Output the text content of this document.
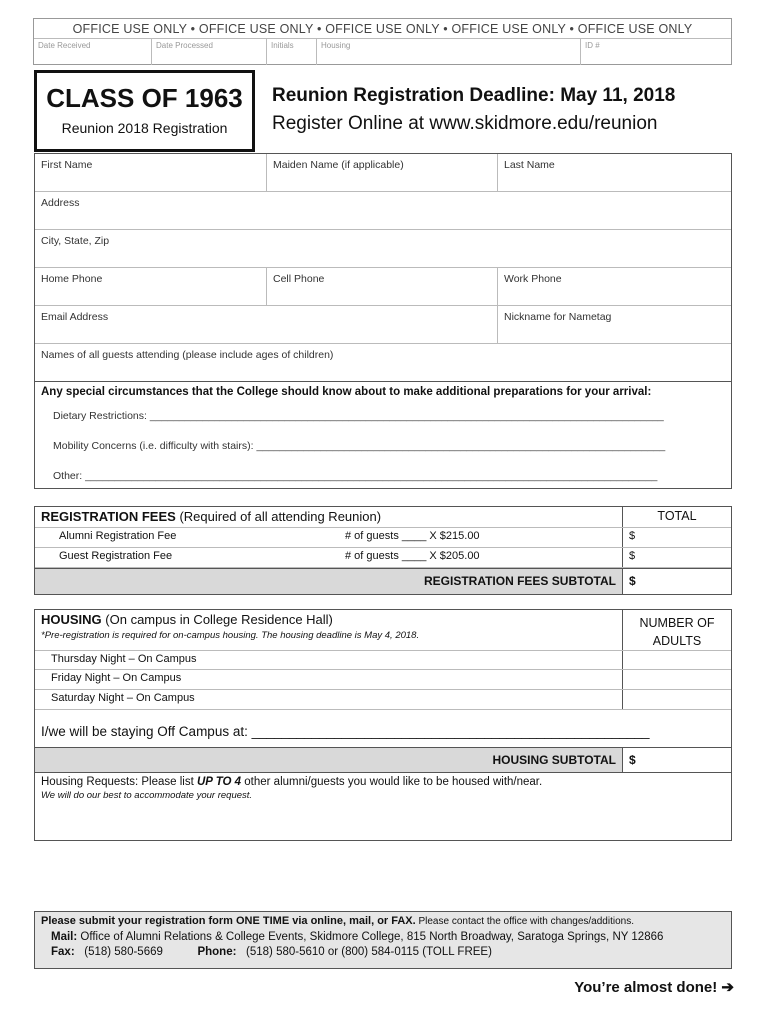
OFFICE USE ONLY • OFFICE USE ONLY • OFFICE USE ONLY • OFFICE USE ONLY • OFFICE USE ONLY
Date Received	Date Processed	Initials	Housing	ID #
CLASS OF 1963
Reunion 2018 Registration
Reunion Registration Deadline: May 11, 2018
Register Online at www.skidmore.edu/reunion
First Name	Maiden Name (if applicable)	Last Name
Address
City, State, Zip
Home Phone	Cell Phone	Work Phone
Email Address	Nickname for Nametag
Names of all guests attending (please include ages of children)
Any special circumstances that the College should know about to make additional preparations for your arrival:
Dietary Restrictions: ________________________________________________________________________________________
Mobility Concerns (i.e. difficulty with stairs): ______________________________________________________________________
Other: __________________________________________________________________________________________________
REGISTRATION FEES (Required of all attending Reunion)	TOTAL
Alumni Registration Fee	# of guests ____ X $215.00	$
Guest Registration Fee	# of guests ____ X $205.00	$
REGISTRATION FEES SUBTOTAL	$
HOUSING (On campus in College Residence Hall)
*Pre-registration is required for on-campus housing. The housing deadline is May 4, 2018.
NUMBER OF ADULTS
Thursday Night – On Campus
Friday Night – On Campus
Saturday Night – On Campus
I/we will be staying Off Campus at: _____________________________________________________
HOUSING SUBTOTAL	$
Housing Requests: Please list UP TO 4 other alumni/guests you would like to be housed with/near.
We will do our best to accommodate your request.
Please submit your registration form ONE TIME via online, mail, or FAX. Please contact the office with changes/additions.
Mail: Office of Alumni Relations & College Events, Skidmore College, 815 North Broadway, Saratoga Springs, NY 12866
Fax: (518) 580-5669	Phone: (518) 580-5610 or (800) 584-0115 (TOLL FREE)
You’re almost done! ➔
